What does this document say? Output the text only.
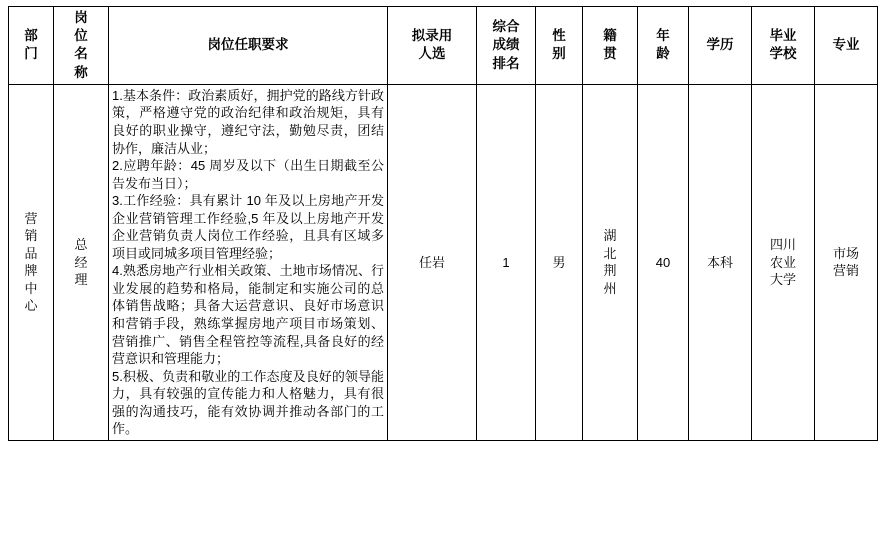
部门	岗位名称	岗位任职要求	拟录用人选	综合成绩排名	性别	籍贯	年龄	学历	毕业学校	专业

营销品牌中心	总经理	1.基本条件：政治素质好，拥护党的路线方针政策，严格遵守党的政治纪律和政治规矩，具有良好的职业操守，遵纪守法，勤勉尽责，团结协作，廉洁从业；

2.应聘年龄：45 周岁及以下（出生日期截至公告发布当日）；

3.工作经验：具有累计 10 年及以上房地产开发企业营销管理工作经验,5 年及以上房地产开发企业营销负责人岗位工作经验，且具有区域多项目或同城多项目管理经验；

4.熟悉房地产行业相关政策、土地市场情况、行业发展的趋势和格局，能制定和实施公司的总体销售战略；具备大运营意识、良好市场意识和营销手段，熟练掌握房地产项目市场策划、营销推广、销售全程管控等流程,具备良好的经营意识和管理能力；

5.积极、负责和敬业的工作态度及良好的领导能力，具有较强的宣传能力和人格魅力，具有很强的沟通技巧，能有效协调并推动各部门的工作。	任岩	1	男	湖北荆州	40	本科	四川农业大学	市场营销
